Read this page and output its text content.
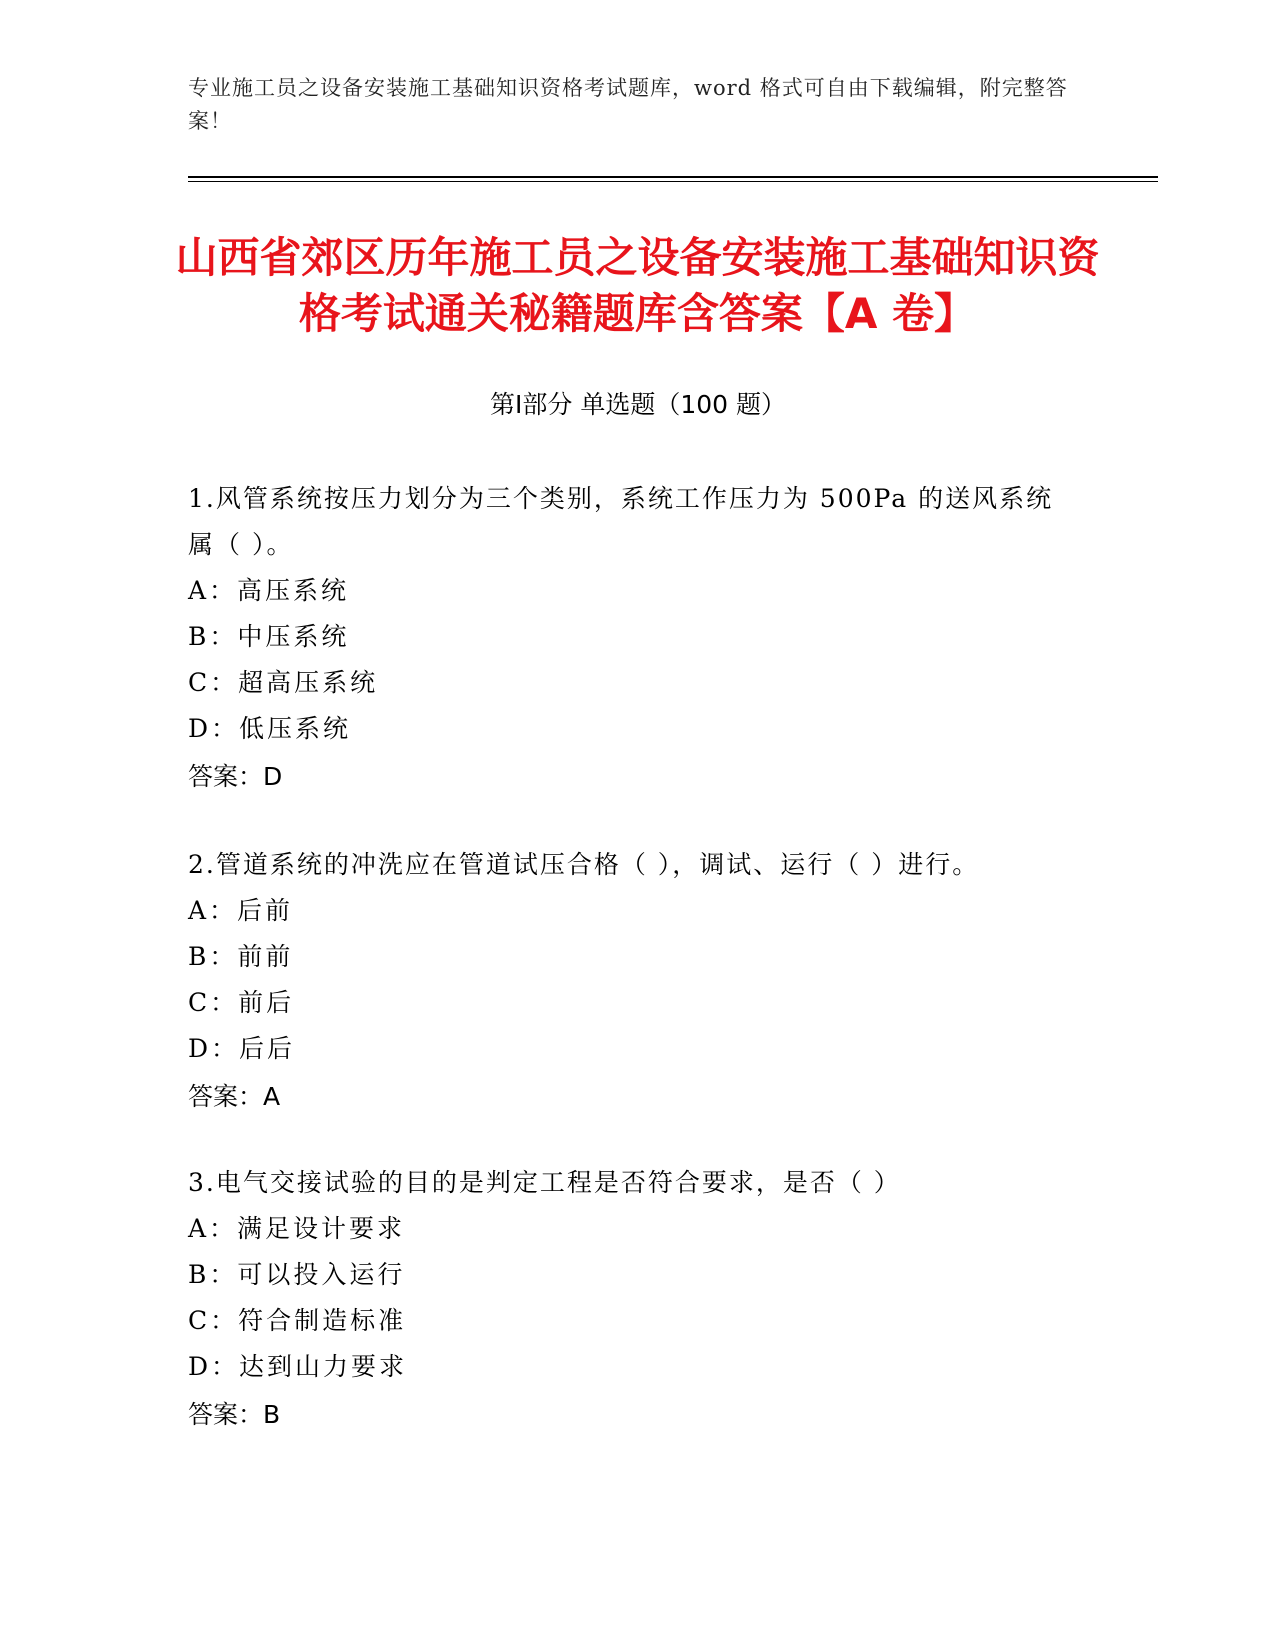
专业施工员之设备安装施工基础知识资格考试题库，word 格式可自由下载编辑，附完整答案！
山西省郊区历年施工员之设备安装施工基础知识资格考试通关秘籍题库含答案【A 卷】
第Ⅰ部分 单选题（100 题）
1.风管系统按压力划分为三个类别，系统工作压力为 500Pa 的送风系统属（ ）。
A：高压系统
B：中压系统
C：超高压系统
D：低压系统
答案：D
2.管道系统的冲洗应在管道试压合格（ ），调试、运行（ ）进行。
A：后前
B：前前
C：前后
D：后后
答案：A
3.电气交接试验的目的是判定工程是否符合要求，是否（ ）
A：满足设计要求
B：可以投入运行
C：符合制造标准
D：达到山力要求
答案：B
